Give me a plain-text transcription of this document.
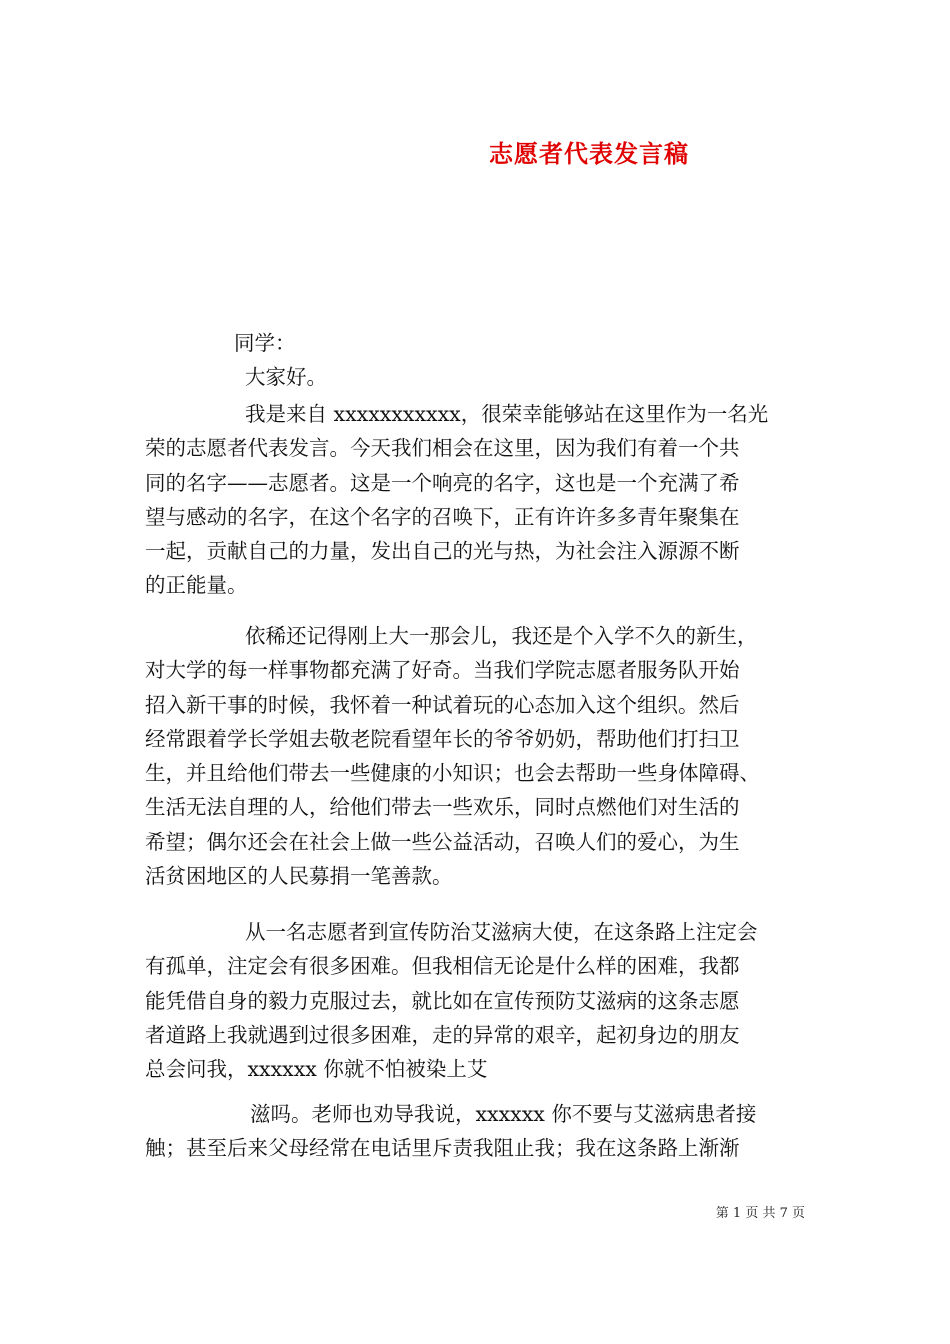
志愿者代表发言稿
同学：
大家好。
我是来自 xxxxxxxxxxx，很荣幸能够站在这里作为一名光
荣的志愿者代表发言。今天我们相会在这里，因为我们有着一个共
同的名字——志愿者。这是一个响亮的名字，这也是一个充满了希
望与感动的名字，在这个名字的召唤下，正有许许多多青年聚集在
一起，贡献自己的力量，发出自己的光与热，为社会注入源源不断
的正能量。
依稀还记得刚上大一那会儿，我还是个入学不久的新生，
对大学的每一样事物都充满了好奇。当我们学院志愿者服务队开始
招入新干事的时候，我怀着一种试着玩的心态加入这个组织。然后
经常跟着学长学姐去敬老院看望年长的爷爷奶奶，帮助他们打扫卫
生，并且给他们带去一些健康的小知识；也会去帮助一些身体障碍、
生活无法自理的人，给他们带去一些欢乐，同时点燃他们对生活的
希望；偶尔还会在社会上做一些公益活动，召唤人们的爱心，为生
活贫困地区的人民募捐一笔善款。
从一名志愿者到宣传防治艾滋病大使，在这条路上注定会
有孤单，注定会有很多困难。但我相信无论是什么样的困难，我都
能凭借自身的毅力克服过去，就比如在宣传预防艾滋病的这条志愿
者道路上我就遇到过很多困难，走的异常的艰辛，起初身边的朋友
总会问我，xxxxxx 你就不怕被染上艾
滋吗。老师也劝导我说，xxxxxx 你不要与艾滋病患者接
触；甚至后来父母经常在电话里斥责我阻止我；我在这条路上渐渐
第 1 页 共 7 页
